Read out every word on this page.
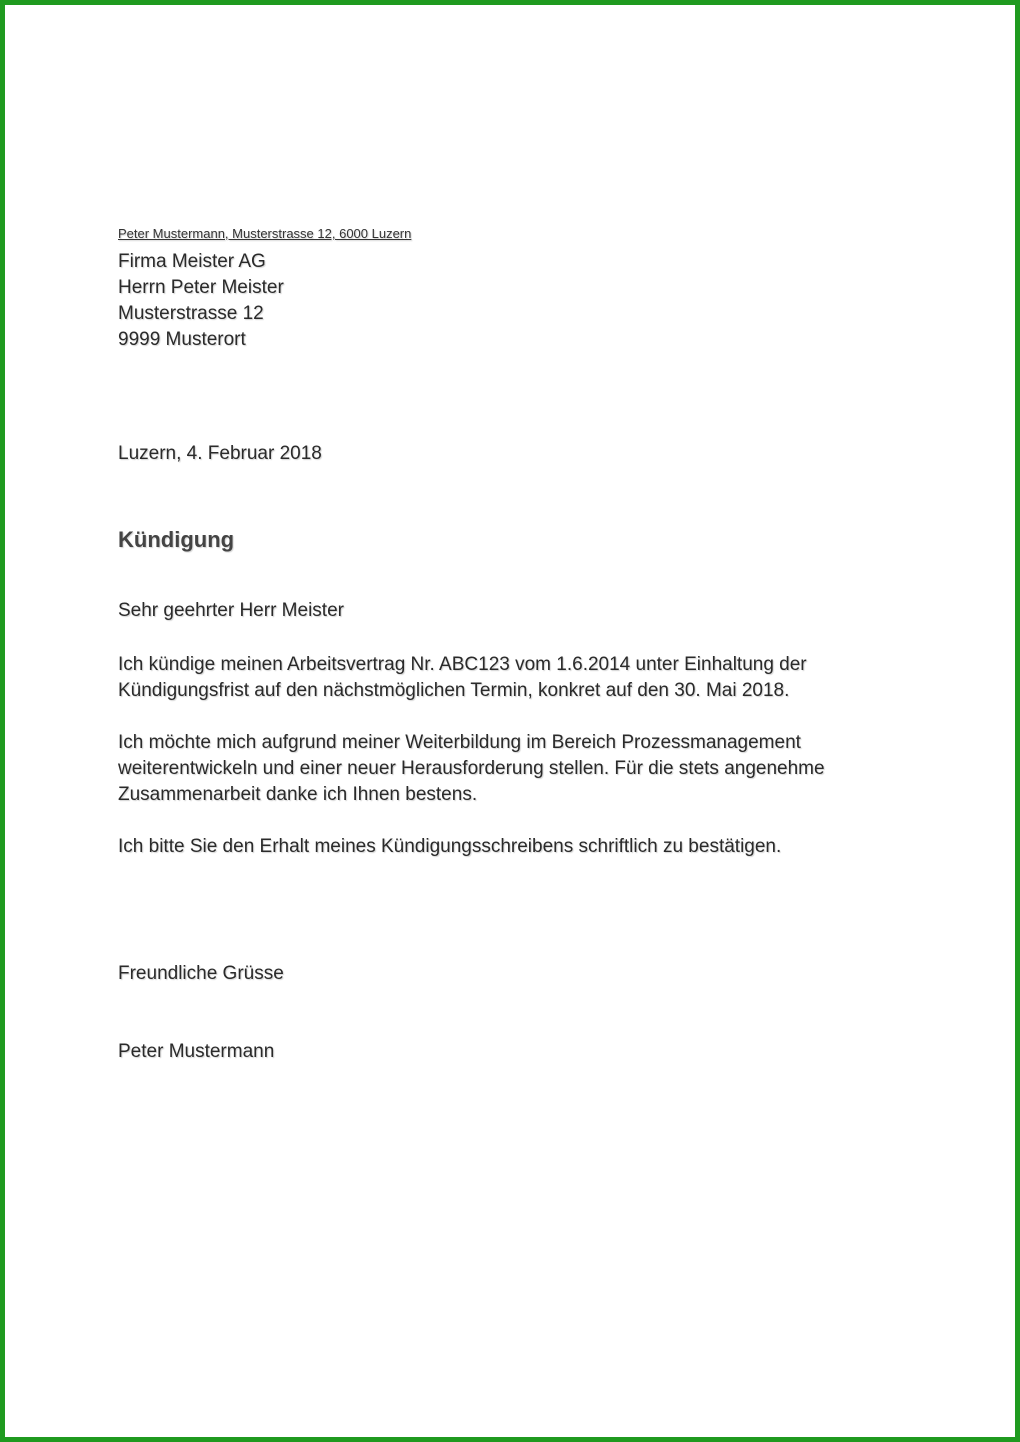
Peter Mustermann, Musterstrasse 12, 6000 Luzern

Firma Meister AG
Herrn Peter Meister
Musterstrasse 12
9999 Musterort

Luzern, 4. Februar 2018

Kündigung

Sehr geehrter Herr Meister

Ich kündige meinen Arbeitsvertrag Nr. ABC123 vom 1.6.2014 unter Einhaltung der
Kündigungsfrist auf den nächstmöglichen Termin, konkret auf den 30. Mai 2018.
Ich möchte mich aufgrund meiner Weiterbildung im Bereich Prozessmanagement
weiterentwickeln und einer neuer Herausforderung stellen. Für die stets angenehme
Zusammenarbeit danke ich Ihnen bestens.
Ich bitte Sie den Erhalt meines Kündigungsschreibens schriftlich zu bestätigen.

Freundliche Grüsse

Peter Mustermann
